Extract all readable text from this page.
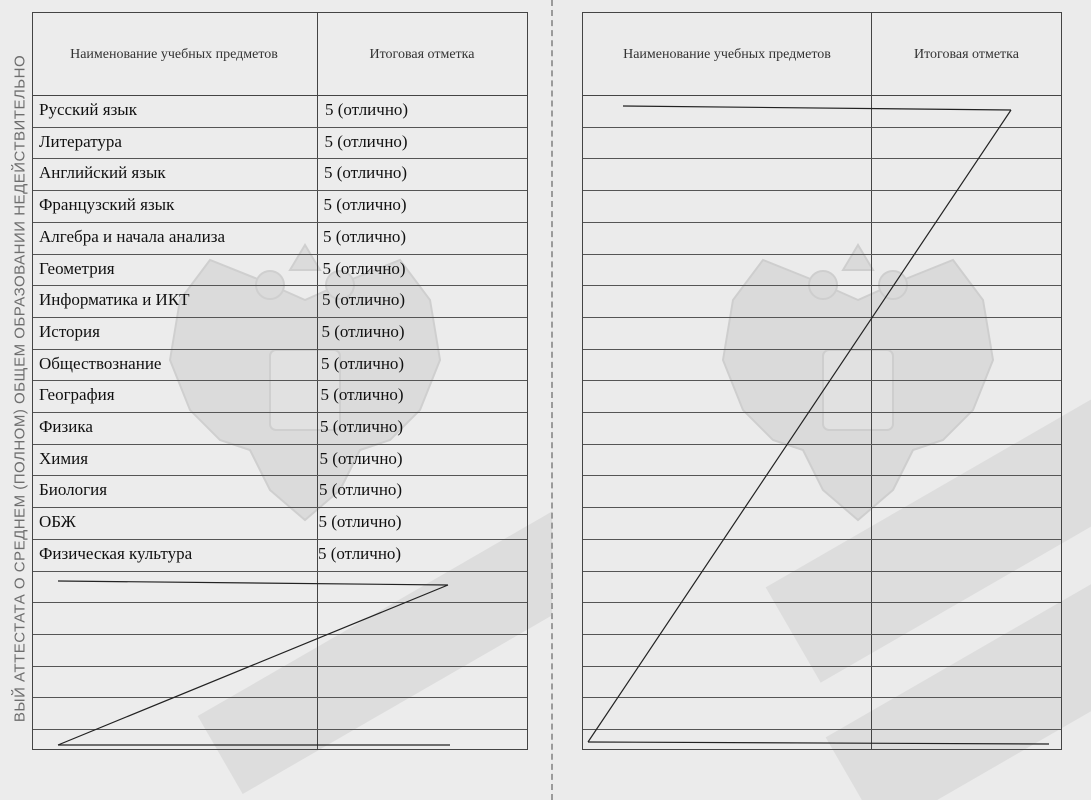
ВЫЙ АТТЕСТАТА О СРЕДНЕМ (ПОЛНОМ) ОБЩЕМ ОБРАЗОВАНИИ НЕДЕЙСТВИТЕЛЬНО
Наименование учебных предметов	Итоговая отметка
Русский язык	5 (отлично)
Литература	5 (отлично)
Английский язык	5 (отлично)
Французский язык	5 (отлично)
Алгебра и начала анализа	5 (отлично)
Геометрия	5 (отлично)
Информатика и ИКТ	5 (отлично)
История	5 (отлично)
Обществознание	5 (отлично)
География	5 (отлично)
Физика	5 (отлично)
Химия	5 (отлично)
Биология	5 (отлично)
ОБЖ	5 (отлично)
Физическая культура	5 (отлично)
Наименование учебных предметов	Итоговая отметка
